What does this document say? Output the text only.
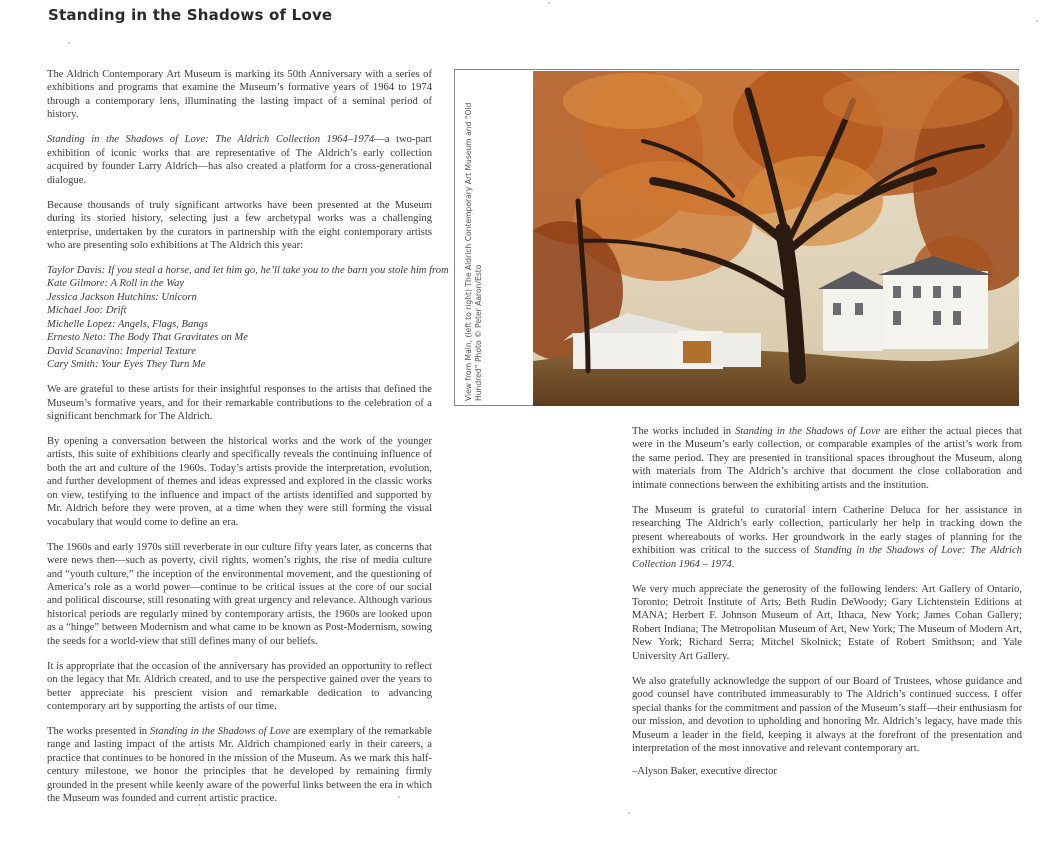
Standing in the Shadows of Love

The Aldrich Contemporary Art Museum is marking its 50th Anniversary with a series of exhibitions and programs that examine the Museum’s formative years of 1964 to 1974 through a contemporary lens, illuminating the lasting impact of a seminal period of history.

Standing in the Shadows of Love: The Aldrich Collection 1964–1974—a two-part exhibition of iconic works that are representative of The Aldrich’s early collection acquired by founder Larry Aldrich—has also created a platform for a cross-generational dialogue.

Because thousands of truly significant artworks have been presented at the Museum during its storied history, selecting just a few archetypal works was a challenging enterprise, undertaken by the curators in partnership with the eight contemporary artists who are presenting solo exhibitions at The Aldrich this year:

Taylor Davis: If you steal a horse, and let him go, he’ll take you to the barn you stole him from
Kate Gilmore: A Roll in the Way
Jessica Jackson Hutchins: Unicorn
Michael Joo: Drift
Michelle Lopez: Angels, Flags, Bangs
Ernesto Neto: The Body That Gravitates on Me
David Scanavino: Imperial Texture
Cary Smith: Your Eyes They Turn Me

We are grateful to these artists for their insightful responses to the artists that defined the Museum’s formative years, and for their remarkable contributions to the celebration of a significant benchmark for The Aldrich.

By opening a conversation between the historical works and the work of the younger artists, this suite of exhibitions clearly and specifically reveals the continuing influence of both the art and culture of the 1960s. Today’s artists provide the interpretation, evolution, and further development of themes and ideas expressed and explored in the classic works on view, testifying to the influence and impact of the artists identified and supported by Mr. Aldrich before they were proven, at a time when they were still forming the visual vocabulary that would come to define an era.

The 1960s and early 1970s still reverberate in our culture fifty years later, as concerns that were news then—such as poverty, civil rights, women’s rights, the rise of media culture and “youth culture,” the inception of the environmental movement, and the questioning of America’s role as a world power—continue to be critical issues at the core of our social and political discourse, still resonating with great urgency and relevance. Although various historical periods are regularly mined by contemporary artists, the 1960s are looked upon as a “hinge” between Modernism and what came to be known as Post-Modernism, sowing the seeds for a world-view that still defines many of our beliefs.

It is appropriate that the occasion of the anniversary has provided an opportunity to reflect on the legacy that Mr. Aldrich created, and to use the perspective gained over the years to better appreciate his prescient vision and remarkable dedication to advancing contemporary art by supporting the artists of our time.

The works presented in Standing in the Shadows of Love are exemplary of the remarkable range and lasting impact of the artists Mr. Aldrich championed early in their careers, a practice that continues to be honored in the mission of the Museum. As we mark this half-century milestone, we honor the principles that he developed by remaining firmly grounded in the present while keenly aware of the powerful links between the era in which the Museum was founded and current artistic practice.

View from Main, (left to right) The Aldrich Contemporary Art Museum and “Old Hundred” Photo © Peter Aaron/Esto

The works included in Standing in the Shadows of Love are either the actual pieces that were in the Museum’s early collection, or comparable examples of the artist’s work from the same period. They are presented in transitional spaces throughout the Museum, along with materials from The Aldrich’s archive that document the close collaboration and intimate connections between the exhibiting artists and the institution.

The Museum is grateful to curatorial intern Catherine Deluca for her assistance in researching The Aldrich’s early collection, particularly her help in tracking down the present whereabouts of works. Her groundwork in the early stages of planning for the exhibition was critical to the success of Standing in the Shadows of Love: The Aldrich Collection 1964 – 1974.

We very much appreciate the generosity of the following lenders: Art Gallery of Ontario, Toronto; Detroit Institute of Arts; Beth Rudin DeWoody; Gary Lichtenstein Editions at MANA; Herbert F. Johnson Museum of Art, Ithaca, New York; James Cohan Gallery; Robert Indiana; The Metropolitan Museum of Art, New York; The Museum of Modern Art, New York; Richard Serra; Mitchel Skolnick; Estate of Robert Smithson; and Yale University Art Gallery.

We also gratefully acknowledge the support of our Board of Trustees, whose guidance and good counsel have contributed immeasurably to The Aldrich’s continued success. I offer special thanks for the commitment and passion of the Museum’s staff—their enthusiasm for our mission, and devotion to upholding and honoring Mr. Aldrich’s legacy, have made this Museum a leader in the field, keeping it always at the forefront of the presentation and interpretation of the most innovative and relevant contemporary art.

–Alyson Baker, executive director
